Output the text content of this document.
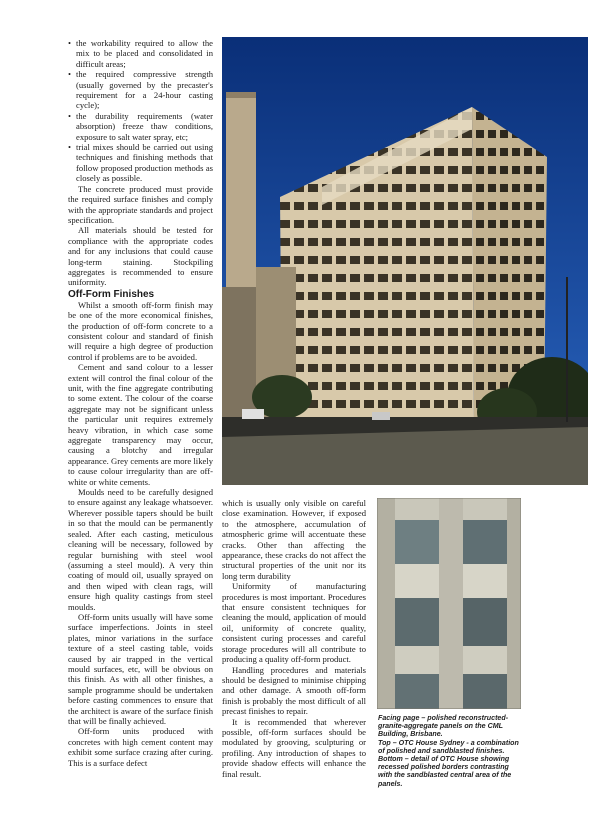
• the workability required to allow the mix to be placed and consolidated in difficult areas;
• the required compressive strength (usually governed by the precaster's requirement for a 24-hour casting cycle);
• the durability requirements (water absorption) freeze thaw conditions, exposure to salt water spray, etc;
• trial mixes should be carried out using techniques and finishing methods that follow proposed production methods as closely as possible.

The concrete produced must provide the required surface finishes and comply with the appropriate standards and project specification.

All materials should be tested for compliance with the appropriate codes and for any inclusions that could cause long-term staining. Stockpiling aggregates is recommended to ensure uniformity.

Off-Form Finishes

Whilst a smooth off-form finish may be one of the more economical finishes, the production of off-form concrete to a consistent colour and standard of finish will require a high degree of production control if problems are to be avoided.

Cement and sand colour to a lesser extent will control the final colour of the unit, with the fine aggregate contributing to some extent. The colour of the coarse aggregate may not be significant unless the particular unit requires extremely heavy vibration, in which case some aggregate transparency may occur, causing a blotchy and irregular appearance. Grey cements are more likely to cause colour irregularity than are off- white or white cements.

Moulds need to be carefully designed to ensure against any leakage whatsoever. Wherever possible tapers should be built in so that the mould can be permanently sealed. After each casting, meticulous cleaning will be necessary, followed by regular burnishing with steel wool (assuming a steel mould). A very thin coating of mould oil, usually sprayed on and then wiped with clean rags, will ensure high quality castings from steel moulds.

Off-form units usually will have some surface imperfections. Joints in steel plates, minor variations in the surface texture of a steel casting table, voids caused by air trapped in the vertical mould surfaces, etc, will be obvious on this finish. As with all other finishes, a sample programme should be undertaken before casting commences to ensure that the architect is aware of the surface finish that will be finally achieved.

Off-form units produced with concretes with high cement content may exhibit some surface crazing after curing. This is a surface defect

which is usually only visible on careful close examination. However, if exposed to the atmosphere, accumulation of atmospheric grime will accentuate these cracks. Other than affecting the appearance, these cracks do not affect the structural properties of the unit nor its long term durability

Uniformity of manufacturing procedures is most important. Procedures that ensure consistent techniques for cleaning the mould, application of mould oil, uniformity of concrete quality, consistent curing processes and careful storage procedures will all contribute to producing a quality off-form product.

Handling procedures and materials should be designed to minimise chipping and other damage. A smooth off-form finish is probably the most difficult of all precast finishes to repair.

It is recommended that wherever possible, off-form surfaces should be modulated by grooving, sculpturing or profiling. Any introduction of shapes to provide shadow effects will enhance the final result.

Facing page – polished reconstructed-granite-aggregate panels on the CML Building, Brisbane.

Top – OTC House Sydney - a combination of polished and sandblasted finishes.

Bottom – detail of OTC House showing recessed polished borders contrasting with the sandblasted central area of the panels.
